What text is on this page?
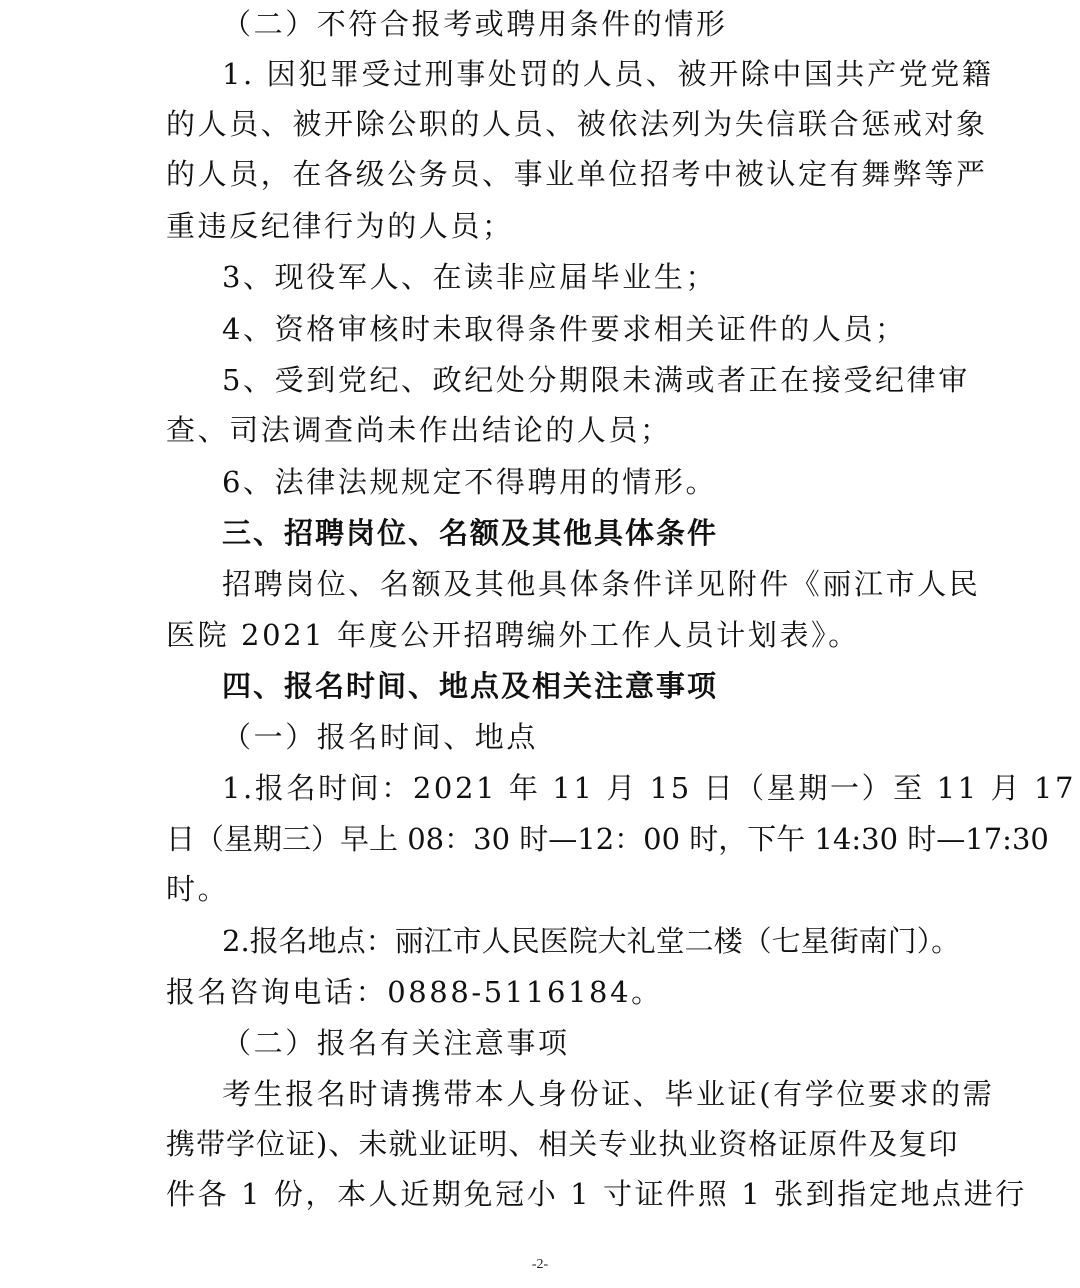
（二）不符合报考或聘用条件的情形
1. 因犯罪受过刑事处罚的人员、被开除中国共产党党籍
的人员、被开除公职的人员、被依法列为失信联合惩戒对象
的人员，在各级公务员、事业单位招考中被认定有舞弊等严
重违反纪律行为的人员；
3、现役军人、在读非应届毕业生；
4、资格审核时未取得条件要求相关证件的人员；
5、受到党纪、政纪处分期限未满或者正在接受纪律审
查、司法调查尚未作出结论的人员；
6、法律法规规定不得聘用的情形。
三、招聘岗位、名额及其他具体条件
招聘岗位、名额及其他具体条件详见附件《丽江市人民
医院 2021 年度公开招聘编外工作人员计划表》。
四、报名时间、地点及相关注意事项
（一）报名时间、地点
1.报名时间：2021 年 11 月 15 日（星期一）至 11 月 17
日（星期三）早上 08：30 时—12：00 时，下午 14:30 时—17:30
时。
2.报名地点：丽江市人民医院大礼堂二楼（七星街南门）。
报名咨询电话：0888-5116184。
（二）报名有关注意事项
考生报名时请携带本人身份证、毕业证(有学位要求的需
携带学位证)、未就业证明、相关专业执业资格证原件及复印
件各 1 份，本人近期免冠小 1 寸证件照 1 张到指定地点进行
-2-
